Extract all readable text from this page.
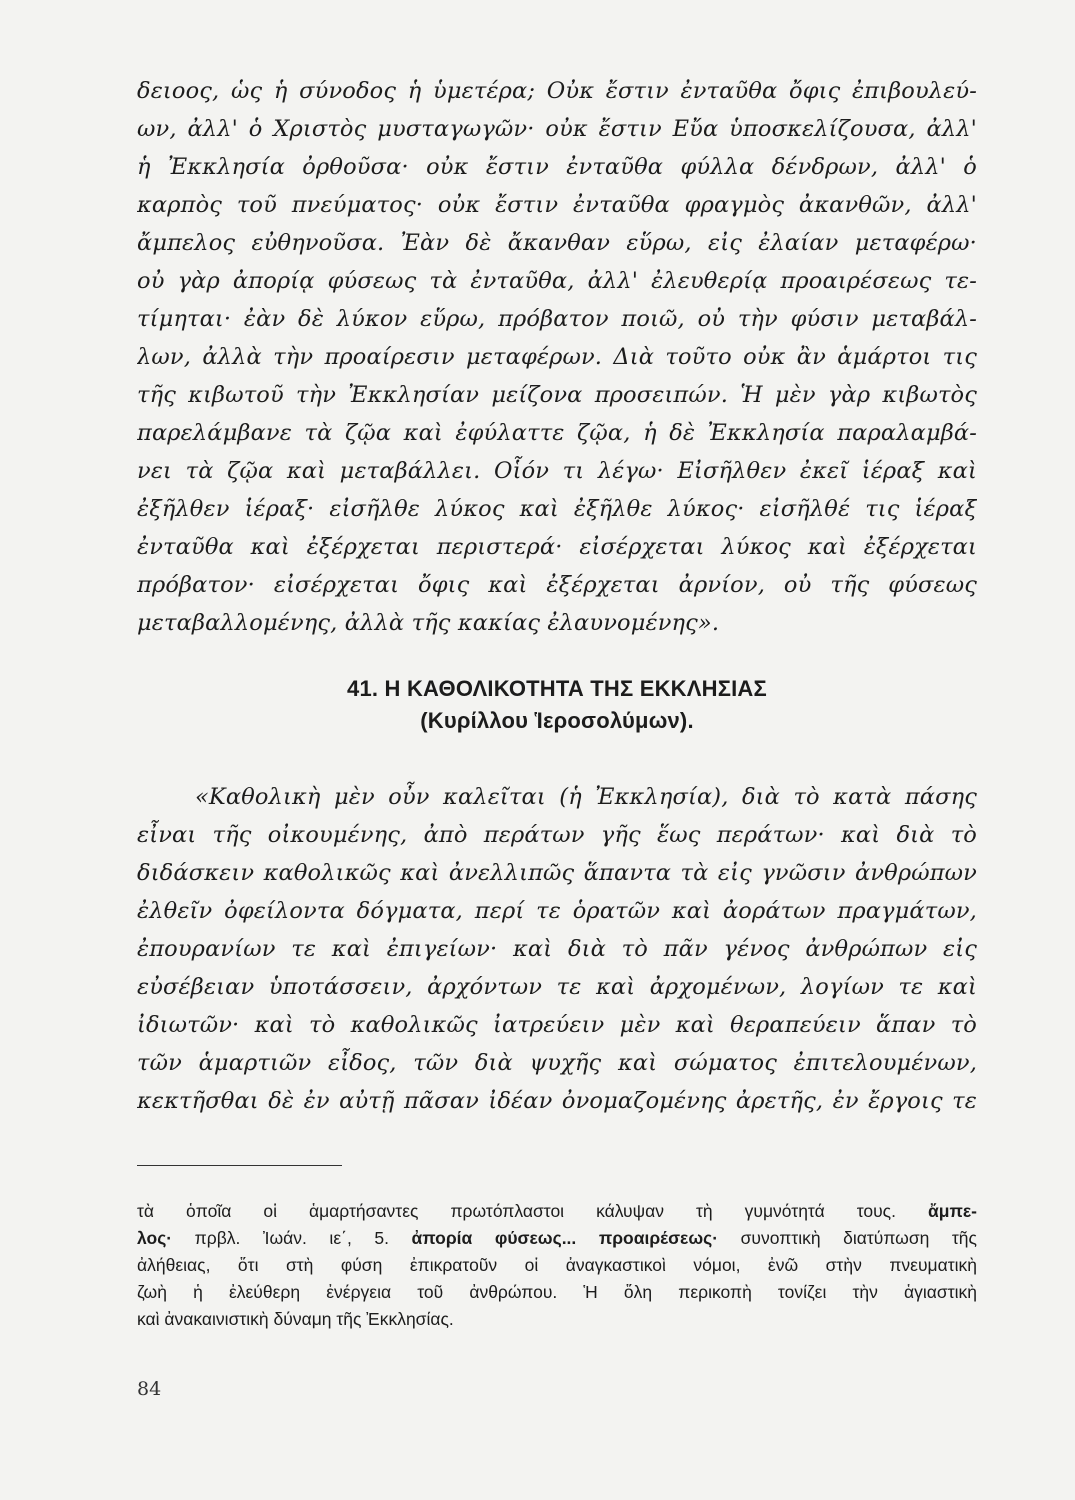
δειοος, ὡς ἡ σύνοδος ἡ ὑμετέρα; Οὐκ ἔστιν ἐνταῦθα ὄφις ἐπιβουλεύ-
ων, ἀλλ' ὁ Χριστὸς μυσταγωγῶν· οὐκ ἔστιν Εὔα ὑποσκελίζουσα, ἀλλ'
ἡ Ἐκκλησία ὀρθοῦσα· οὐκ ἔστιν ἐνταῦθα φύλλα δένδρων, ἀλλ' ὁ
καρπὸς τοῦ πνεύματος· οὐκ ἔστιν ἐνταῦθα φραγμὸς ἀκανθῶν, ἀλλ'
ἄμπελος εὐθηνοῦσα. Ἐὰν δὲ ἄκανθαν εὕρω, εἰς ἐλαίαν μεταφέρω·
οὐ γὰρ ἀπορίᾳ φύσεως τὰ ἐνταῦθα, ἀλλ' ἐλευθερίᾳ προαιρέσεως τε-
τίμηται· ἐὰν δὲ λύκον εὕρω, πρόβατον ποιῶ, οὐ τὴν φύσιν μεταβάλ-
λων, ἀλλὰ τὴν προαίρεσιν μεταφέρων. Διὰ τοῦτο οὐκ ἂν ἁμάρτοι τις
τῆς κιβωτοῦ τὴν Ἐκκλησίαν μείζονα προσειπών. Ἡ μὲν γὰρ κιβωτὸς
παρελάμβανε τὰ ζῷα καὶ ἐφύλαττε ζῷα, ἡ δὲ Ἐκκλησία παραλαμβά-
νει τὰ ζῷα καὶ μεταβάλλει. Οἷόν τι λέγω· Εἰσῆλθεν ἐκεῖ ἱέραξ καὶ
ἐξῆλθεν ἱέραξ· εἰσῆλθε λύκος καὶ ἐξῆλθε λύκος· εἰσῆλθέ τις ἱέραξ
ἐνταῦθα καὶ ἐξέρχεται περιστερά· εἰσέρχεται λύκος καὶ ἐξέρχεται
πρόβατον· εἰσέρχεται ὄφις καὶ ἐξέρχεται ἀρνίον, οὐ τῆς φύσεως
μεταβαλλομένης, ἀλλὰ τῆς κακίας ἐλαυνομένης».
41. Η ΚΑΘΟΛΙΚΟΤΗΤΑ ΤΗΣ ΕΚΚΛΗΣΙΑΣ
(Κυρίλλου Ἱεροσολύμων).
«Καθολικὴ μὲν οὖν καλεῖται (ἡ Ἐκκλησία), διὰ τὸ κατὰ πάσης
εἶναι τῆς οἰκουμένης, ἀπὸ περάτων γῆς ἕως περάτων· καὶ διὰ τὸ
διδάσκειν καθολικῶς καὶ ἀνελλιπῶς ἅπαντα τὰ εἰς γνῶσιν ἀνθρώπων
ἐλθεῖν ὀφείλοντα δόγματα, περί τε ὁρατῶν καὶ ἀοράτων πραγμάτων,
ἐπουρανίων τε καὶ ἐπιγείων· καὶ διὰ τὸ πᾶν γένος ἀνθρώπων εἰς
εὐσέβειαν ὑποτάσσειν, ἀρχόντων τε καὶ ἀρχομένων, λογίων τε καὶ
ἰδιωτῶν· καὶ τὸ καθολικῶς ἰατρεύειν μὲν καὶ θεραπεύειν ἅπαν τὸ
τῶν ἁμαρτιῶν εἶδος, τῶν διὰ ψυχῆς καὶ σώματος ἐπιτελουμένων,
κεκτῆσθαι δὲ ἐν αὐτῇ πᾶσαν ἰδέαν ὀνομαζομένης ἀρετῆς, ἐν ἔργοις τε
τὰ ὁποῖα οἱ ἁμαρτήσαντες πρωτόπλαστοι κάλυψαν τὴ γυμνότητά τους. ἄμπε-
λος· πρβλ. Ἰωάν. ιε΄, 5. ἀπορία φύσεως... προαιρέσεως· συνοπτικὴ διατύπωση τῆς
ἀλήθειας, ὅτι στὴ φύση ἐπικρατοῦν οἱ ἀναγκαστικοὶ νόμοι, ἐνῶ στὴν πνευματικὴ
ζωὴ ἡ ἐλεύθερη ἐνέργεια τοῦ ἀνθρώπου. Ἡ ὅλη περικοπὴ τονίζει τὴν ἁγιαστικὴ
καὶ ἀνακαινιστικὴ δύναμη τῆς Ἐκκλησίας.
84
